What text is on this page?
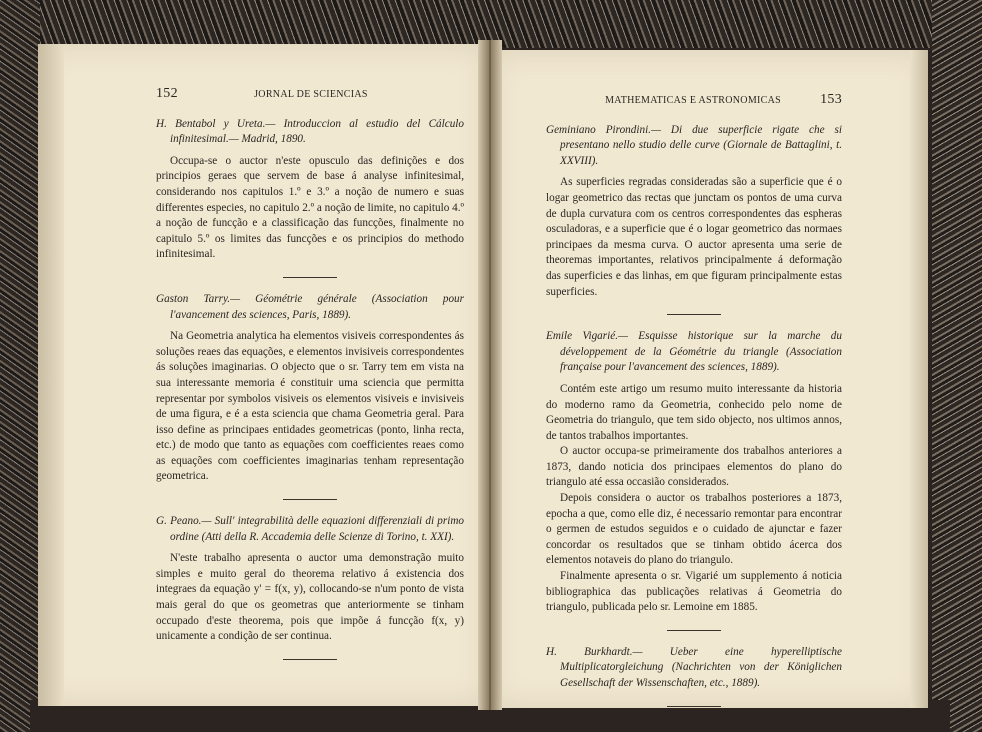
152	JORNAL DE SCIENCIAS

H. Bentabol y Ureta.— Introduccion al estudio del Cálculo infinitesimal.— Madrid, 1890.

Occupa-se o auctor n'este opusculo das definições e dos principios geraes que servem de base á analyse infinitesimal, considerando nos capitulos 1.º e 3.º a noção de numero e suas differentes especies, no capitulo 2.º a noção de limite, no capitulo 4.º a noção de funcção e a classificação das funcções, finalmente no capitulo 5.º os limites das funcções e os principios do methodo infinitesimal.

Gaston Tarry.— Géométrie générale (Association pour l'avancement des sciences, Paris, 1889).

Na Geometria analytica ha elementos visiveis correspondentes ás soluções reaes das equações, e elementos invisiveis correspondentes ás soluções imaginarias. O objecto que o sr. Tarry tem em vista na sua interessante memoria é constituir uma sciencia que permitta representar por symbolos visiveis os elementos visiveis e invisiveis de uma figura, e é a esta sciencia que chama Geometria geral. Para isso define as principaes entidades geometricas (ponto, linha recta, etc.) de modo que tanto as equações com coefficientes reaes como as equações com coefficientes imaginarias tenham representação geometrica.

G. Peano.— Sull' integrabilità delle equazioni differenziali di primo ordine (Atti della R. Accademia delle Scienze di Torino, t. XXI).

N'este trabalho apresenta o auctor uma demonstração muito simples e muito geral do theorema relativo á existencia dos integraes da equação y' = f(x, y), collocando-se n'um ponto de vista mais geral do que os geometras que anteriormente se tinham occupado d'este theorema, pois que impõe á funcção f(x, y) unicamente a condição de ser continua.

MATHEMATICAS E ASTRONOMICAS	153

Geminiano Pirondini.— Di due superficie rigate che si presentano nello studio delle curve (Giornale de Battaglini, t. XXVIII).

As superficies regradas consideradas são a superficie que é o logar geometrico das rectas que junctam os pontos de uma curva de dupla curvatura com os centros correspondentes das espheras osculadoras, e a superficie que é o logar geometrico das normaes principaes da mesma curva. O auctor apresenta uma serie de theoremas importantes, relativos principalmente á deformação das superficies e das linhas, em que figuram principalmente estas superficies.

Emile Vigarié.— Esquisse historique sur la marche du développement de la Géométrie du triangle (Association française pour l'avancement des sciences, 1889).

Contém este artigo um resumo muito interessante da historia do moderno ramo da Geometria, conhecido pelo nome de Geometria do triangulo, que tem sido objecto, nos ultimos annos, de tantos trabalhos importantes.

O auctor occupa-se primeiramente dos trabalhos anteriores a 1873, dando noticia dos principaes elementos do plano do triangulo até essa occasião considerados.

Depois considera o auctor os trabalhos posteriores a 1873, epocha a que, como elle diz, é necessario remontar para encontrar o germen de estudos seguidos e o cuidado de ajunctar e fazer concordar os resultados que se tinham obtido ácerca dos elementos notaveis do plano do triangulo.

Finalmente apresenta o sr. Vigarié um supplemento á noticia bibliographica das publicações relativas á Geometria do triangulo, publicada pelo sr. Lemoine em 1885.

H. Burkhardt.— Ueber eine hyperelliptische Multiplicatorgleichung (Nachrichten von der Königlichen Gesellschaft der Wissenschaften, etc., 1889).
